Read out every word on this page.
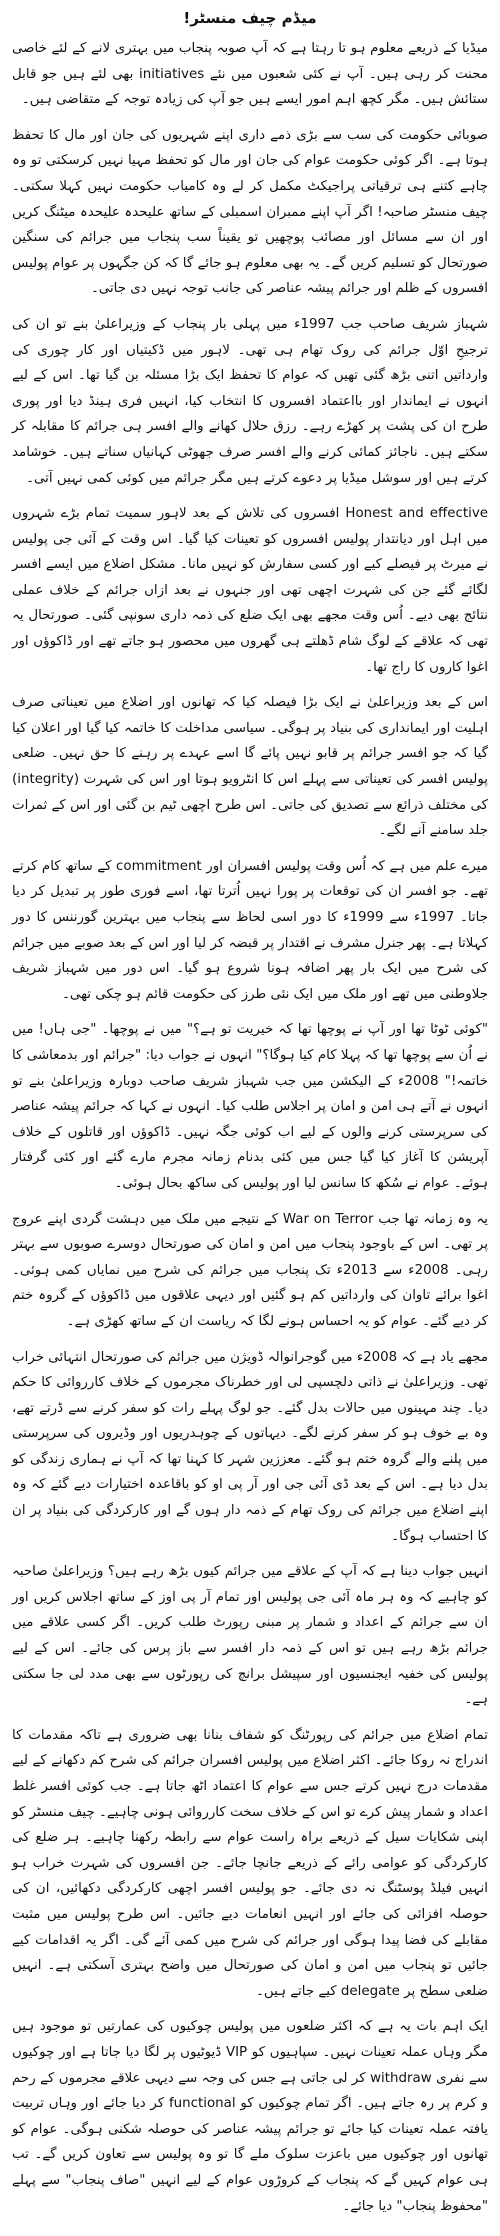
میڈم چیف منسٹر!

میڈیا کے ذریعے معلوم ہو تا رہتا ہے کہ آپ صوبہ پنجاب میں بہتری لانے کے لئے خاصی محنت کر رہی ہیں۔ آپ نے کئی شعبوں میں نئے initiatives بھی لئے ہیں جو قابل ستائش ہیں۔ مگر کچھ اہم امور ایسے ہیں جو آپ کی زیادہ توجہ کے متقاضی ہیں۔

صوبائی حکومت کی سب سے بڑی ذمے داری اپنے شہریوں کی جان اور مال کا تحفظ ہوتا ہے۔ اگر کوئی حکومت عوام کی جان اور مال کو تحفظ مہیا نہیں کرسکتی تو وہ چاہے کتنے ہی ترقیاتی پراجیکٹ مکمل کر لے وہ کامیاب حکومت نہیں کہلا سکتی۔ چیف منسٹر صاحبہ! اگر آپ اپنے ممبران اسمبلی کے ساتھ علیحدہ علیحدہ میٹنگ کریں اور ان سے مسائل اور مصائب پوچھیں تو یقیناً سب پنجاب میں جرائم کی سنگین صورتحال کو تسلیم کریں گے۔ یہ بھی معلوم ہو جائے گا کہ کن جگہوں پر عوام پولیس افسروں کے ظلم اور جرائم پیشہ عناصر کی جانب توجہ نہیں دی جاتی۔

شہباز شریف صاحب جب 1997ء میں پہلی بار پنجاب کے وزیراعلیٰ بنے تو ان کی ترجیحِ اوّل جرائم کی روک تھام ہی تھی۔ لاہور میں ڈکیتیاں اور کار چوری کی وارداتیں اتنی بڑھ گئی تھیں کہ عوام کا تحفظ ایک بڑا مسئلہ بن گیا تھا۔ اس کے لیے انہوں نے ایماندار اور بااعتماد افسروں کا انتخاب کیا، انہیں فری ہینڈ دیا اور پوری طرح ان کی پشت پر کھڑے رہے۔ رزق حلال کھانے والے افسر ہی جرائم کا مقابلہ کر سکتے ہیں۔ ناجائز کمائی کرنے والے افسر صرف جھوٹی کہانیاں سناتے ہیں۔ خوشامد کرتے ہیں اور سوشل میڈیا پر دعوے کرتے ہیں مگر جرائم میں کوئی کمی نہیں آتی۔

Honest and effective افسروں کی تلاش کے بعد لاہور سمیت تمام بڑے شہروں میں اہل اور دیانتدار پولیس افسروں کو تعینات کیا گیا۔ اس وقت کے آئی جی پولیس نے میرٹ پر فیصلے کیے اور کسی سفارش کو نہیں مانا۔ مشکل اضلاع میں ایسے افسر لگائے گئے جن کی شہرت اچھی تھی اور جنہوں نے بعد ازاں جرائم کے خلاف عملی نتائج بھی دیے۔ اُس وقت مجھے بھی ایک ضلع کی ذمہ داری سونپی گئی۔ صورتحال یہ تھی کہ علاقے کے لوگ شام ڈھلتے ہی گھروں میں محصور ہو جاتے تھے اور ڈاکوؤں اور اغوا کاروں کا راج تھا۔

اس کے بعد وزیراعلیٰ نے ایک بڑا فیصلہ کیا کہ تھانوں اور اضلاع میں تعیناتی صرف اہلیت اور ایمانداری کی بنیاد پر ہوگی۔ سیاسی مداخلت کا خاتمہ کیا گیا اور اعلان کیا گیا کہ جو افسر جرائم پر قابو نہیں پائے گا اسے عہدے پر رہنے کا حق نہیں۔ ضلعی پولیس افسر کی تعیناتی سے پہلے اس کا انٹرویو ہوتا اور اس کی شہرت (integrity) کی مختلف ذرائع سے تصدیق کی جاتی۔ اس طرح اچھی ٹیم بن گئی اور اس کے ثمرات جلد سامنے آنے لگے۔

میرے علم میں ہے کہ اُس وقت پولیس افسران اور commitment کے ساتھ کام کرتے تھے۔ جو افسر ان کی توقعات پر پورا نہیں اُترتا تھا، اسے فوری طور پر تبدیل کر دیا جاتا۔ 1997ء سے 1999ء کا دور اسی لحاظ سے پنجاب میں بہترین گورننس کا دور کہلاتا ہے۔ پھر جنرل مشرف نے اقتدار پر قبضہ کر لیا اور اس کے بعد صوبے میں جرائم کی شرح میں ایک بار پھر اضافہ ہونا شروع ہو گیا۔ اس دور میں شہباز شریف جلاوطنی میں تھے اور ملک میں ایک نئی طرز کی حکومت قائم ہو چکی تھی۔

"کوئی ٹوٹا تھا اور آپ نے پوچھا تھا کہ خیریت تو ہے؟" میں نے پوچھا۔ "جی ہاں! میں نے اُن سے پوچھا تھا کہ پہلا کام کیا ہوگا؟" انہوں نے جواب دیا: "جرائم اور بدمعاشی کا خاتمہ!" 2008ء کے الیکشن میں جب شہباز شریف صاحب دوبارہ وزیراعلیٰ بنے تو انہوں نے آتے ہی امن و امان پر اجلاس طلب کیا۔ انہوں نے کہا کہ جرائم پیشہ عناصر کی سرپرستی کرنے والوں کے لیے اب کوئی جگہ نہیں۔ ڈاکوؤں اور قاتلوں کے خلاف آپریشن کا آغاز کیا گیا جس میں کئی بدنام زمانہ مجرم مارے گئے اور کئی گرفتار ہوئے۔ عوام نے سُکھ کا سانس لیا اور پولیس کی ساکھ بحال ہوئی۔

یہ وہ زمانہ تھا جب War on Terror کے نتیجے میں ملک میں دہشت گردی اپنے عروج پر تھی۔ اس کے باوجود پنجاب میں امن و امان کی صورتحال دوسرے صوبوں سے بہتر رہی۔ 2008ء سے 2013ء تک پنجاب میں جرائم کی شرح میں نمایاں کمی ہوئی۔ اغوا برائے تاوان کی وارداتیں کم ہو گئیں اور دیہی علاقوں میں ڈاکوؤں کے گروہ ختم کر دیے گئے۔ عوام کو یہ احساس ہونے لگا کہ ریاست ان کے ساتھ کھڑی ہے۔

مجھے یاد ہے کہ 2008ء میں گوجرانوالہ ڈویژن میں جرائم کی صورتحال انتہائی خراب تھی۔ وزیراعلیٰ نے ذاتی دلچسپی لی اور خطرناک مجرموں کے خلاف کارروائی کا حکم دیا۔ چند مہینوں میں حالات بدل گئے۔ جو لوگ پہلے رات کو سفر کرنے سے ڈرتے تھے، وہ بے خوف ہو کر سفر کرنے لگے۔ دیہاتوں کے چوہدریوں اور وڈیروں کی سرپرستی میں پلنے والے گروہ ختم ہو گئے۔ معززین شہر کا کہنا تھا کہ آپ نے ہماری زندگی کو بدل دیا ہے۔ اس کے بعد ڈی آئی جی اور آر پی او کو باقاعدہ اختیارات دیے گئے کہ وہ اپنے اضلاع میں جرائم کی روک تھام کے ذمہ دار ہوں گے اور کارکردگی کی بنیاد پر ان کا احتساب ہوگا۔

انہیں جواب دینا ہے کہ آپ کے علاقے میں جرائم کیوں بڑھ رہے ہیں؟ وزیراعلیٰ صاحبہ کو چاہیے کہ وہ ہر ماہ آئی جی پولیس اور تمام آر پی اوز کے ساتھ اجلاس کریں اور ان سے جرائم کے اعداد و شمار پر مبنی رپورٹ طلب کریں۔ اگر کسی علاقے میں جرائم بڑھ رہے ہیں تو اس کے ذمہ دار افسر سے باز پرس کی جائے۔ اس کے لیے پولیس کی خفیہ ایجنسیوں اور سپیشل برانچ کی رپورٹوں سے بھی مدد لی جا سکتی ہے۔

تمام اضلاع میں جرائم کی رپورٹنگ کو شفاف بنانا بھی ضروری ہے تاکہ مقدمات کا اندراج نہ روکا جائے۔ اکثر اضلاع میں پولیس افسران جرائم کی شرح کم دکھانے کے لیے مقدمات درج نہیں کرتے جس سے عوام کا اعتماد اٹھ جاتا ہے۔ جب کوئی افسر غلط اعداد و شمار پیش کرے تو اس کے خلاف سخت کارروائی ہونی چاہیے۔ چیف منسٹر کو اپنی شکایات سیل کے ذریعے براہ راست عوام سے رابطہ رکھنا چاہیے۔ ہر ضلع کی کارکردگی کو عوامی رائے کے ذریعے جانچا جائے۔ جن افسروں کی شہرت خراب ہو انہیں فیلڈ پوسٹنگ نہ دی جائے۔ جو پولیس افسر اچھی کارکردگی دکھائیں، ان کی حوصلہ افزائی کی جائے اور انہیں انعامات دیے جائیں۔ اس طرح پولیس میں مثبت مقابلے کی فضا پیدا ہوگی اور جرائم کی شرح میں کمی آئے گی۔ اگر یہ اقدامات کیے جائیں تو پنجاب میں امن و امان کی صورتحال میں واضح بہتری آسکتی ہے۔ انہیں ضلعی سطح پر delegate کیے جاتے ہیں۔

ایک اہم بات یہ ہے کہ اکثر ضلعوں میں پولیس چوکیوں کی عمارتیں تو موجود ہیں مگر وہاں عملہ تعینات نہیں۔ سپاہیوں کو VIP ڈیوٹیوں پر لگا دیا جاتا ہے اور چوکیوں سے نفری withdraw کر لی جاتی ہے جس کی وجہ سے دیہی علاقے مجرموں کے رحم و کرم پر رہ جاتے ہیں۔ اگر تمام چوکیوں کو functional کر دیا جائے اور وہاں تربیت یافتہ عملہ تعینات کیا جائے تو جرائم پیشہ عناصر کی حوصلہ شکنی ہوگی۔ عوام کو تھانوں اور چوکیوں میں باعزت سلوک ملے گا تو وہ پولیس سے تعاون کریں گے۔ تب ہی عوام کہیں گے کہ پنجاب کے کروڑوں عوام کے لیے انہیں "صاف پنجاب" سے پہلے "محفوظ پنجاب" دیا جائے۔
